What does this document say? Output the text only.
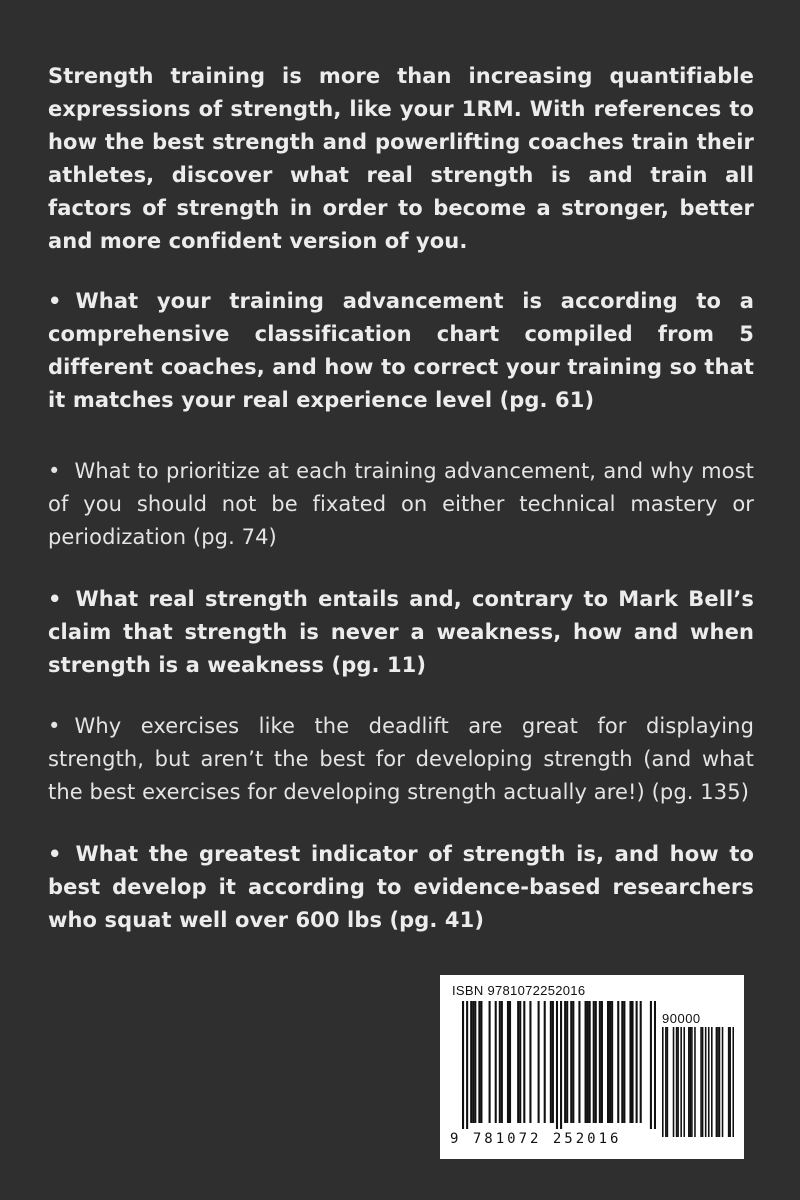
Strength training is more than increasing quantifiable expressions of strength, like your 1RM. With references to how the best strength and powerlifting coaches train their athletes, discover what real strength is and train all factors of strength in order to become a stronger, better and more confident version of you.

• What your training advancement is according to a comprehensive classification chart compiled from 5 different coaches, and how to correct your training so that it matches your real experience level (pg. 61)

• What to prioritize at each training advancement, and why most of you should not be fixated on either technical mastery or periodization (pg. 74)

• What real strength entails and, contrary to Mark Bell’s claim that strength is never a weakness, how and when strength is a weakness (pg. 11)

• Why exercises like the deadlift are great for displaying strength, but aren’t the best for developing strength (and what the best exercises for developing strength actually are!) (pg. 135)

• What the greatest indicator of strength is, and how to best develop it according to evidence-based researchers who squat well over 600 lbs (pg. 41)

ISBN 9781072252016
90000
9 781072 252016
